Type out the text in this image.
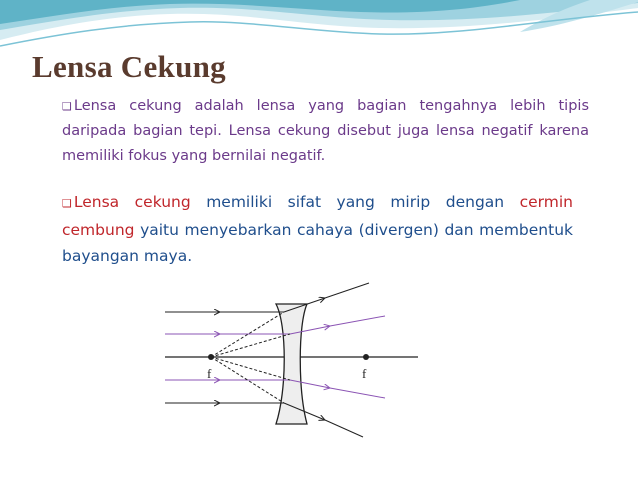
Lensa Cekung

❑ Lensa cekung adalah lensa yang bagian tengahnya lebih tipis daripada bagian tepi. Lensa cekung disebut juga lensa negatif karena memiliki fokus yang bernilai negatif.

❑ Lensa cekung memiliki sifat yang mirip dengan cermin cembung yaitu menyebarkan cahaya (divergen) dan membentuk bayangan maya.

f	f
